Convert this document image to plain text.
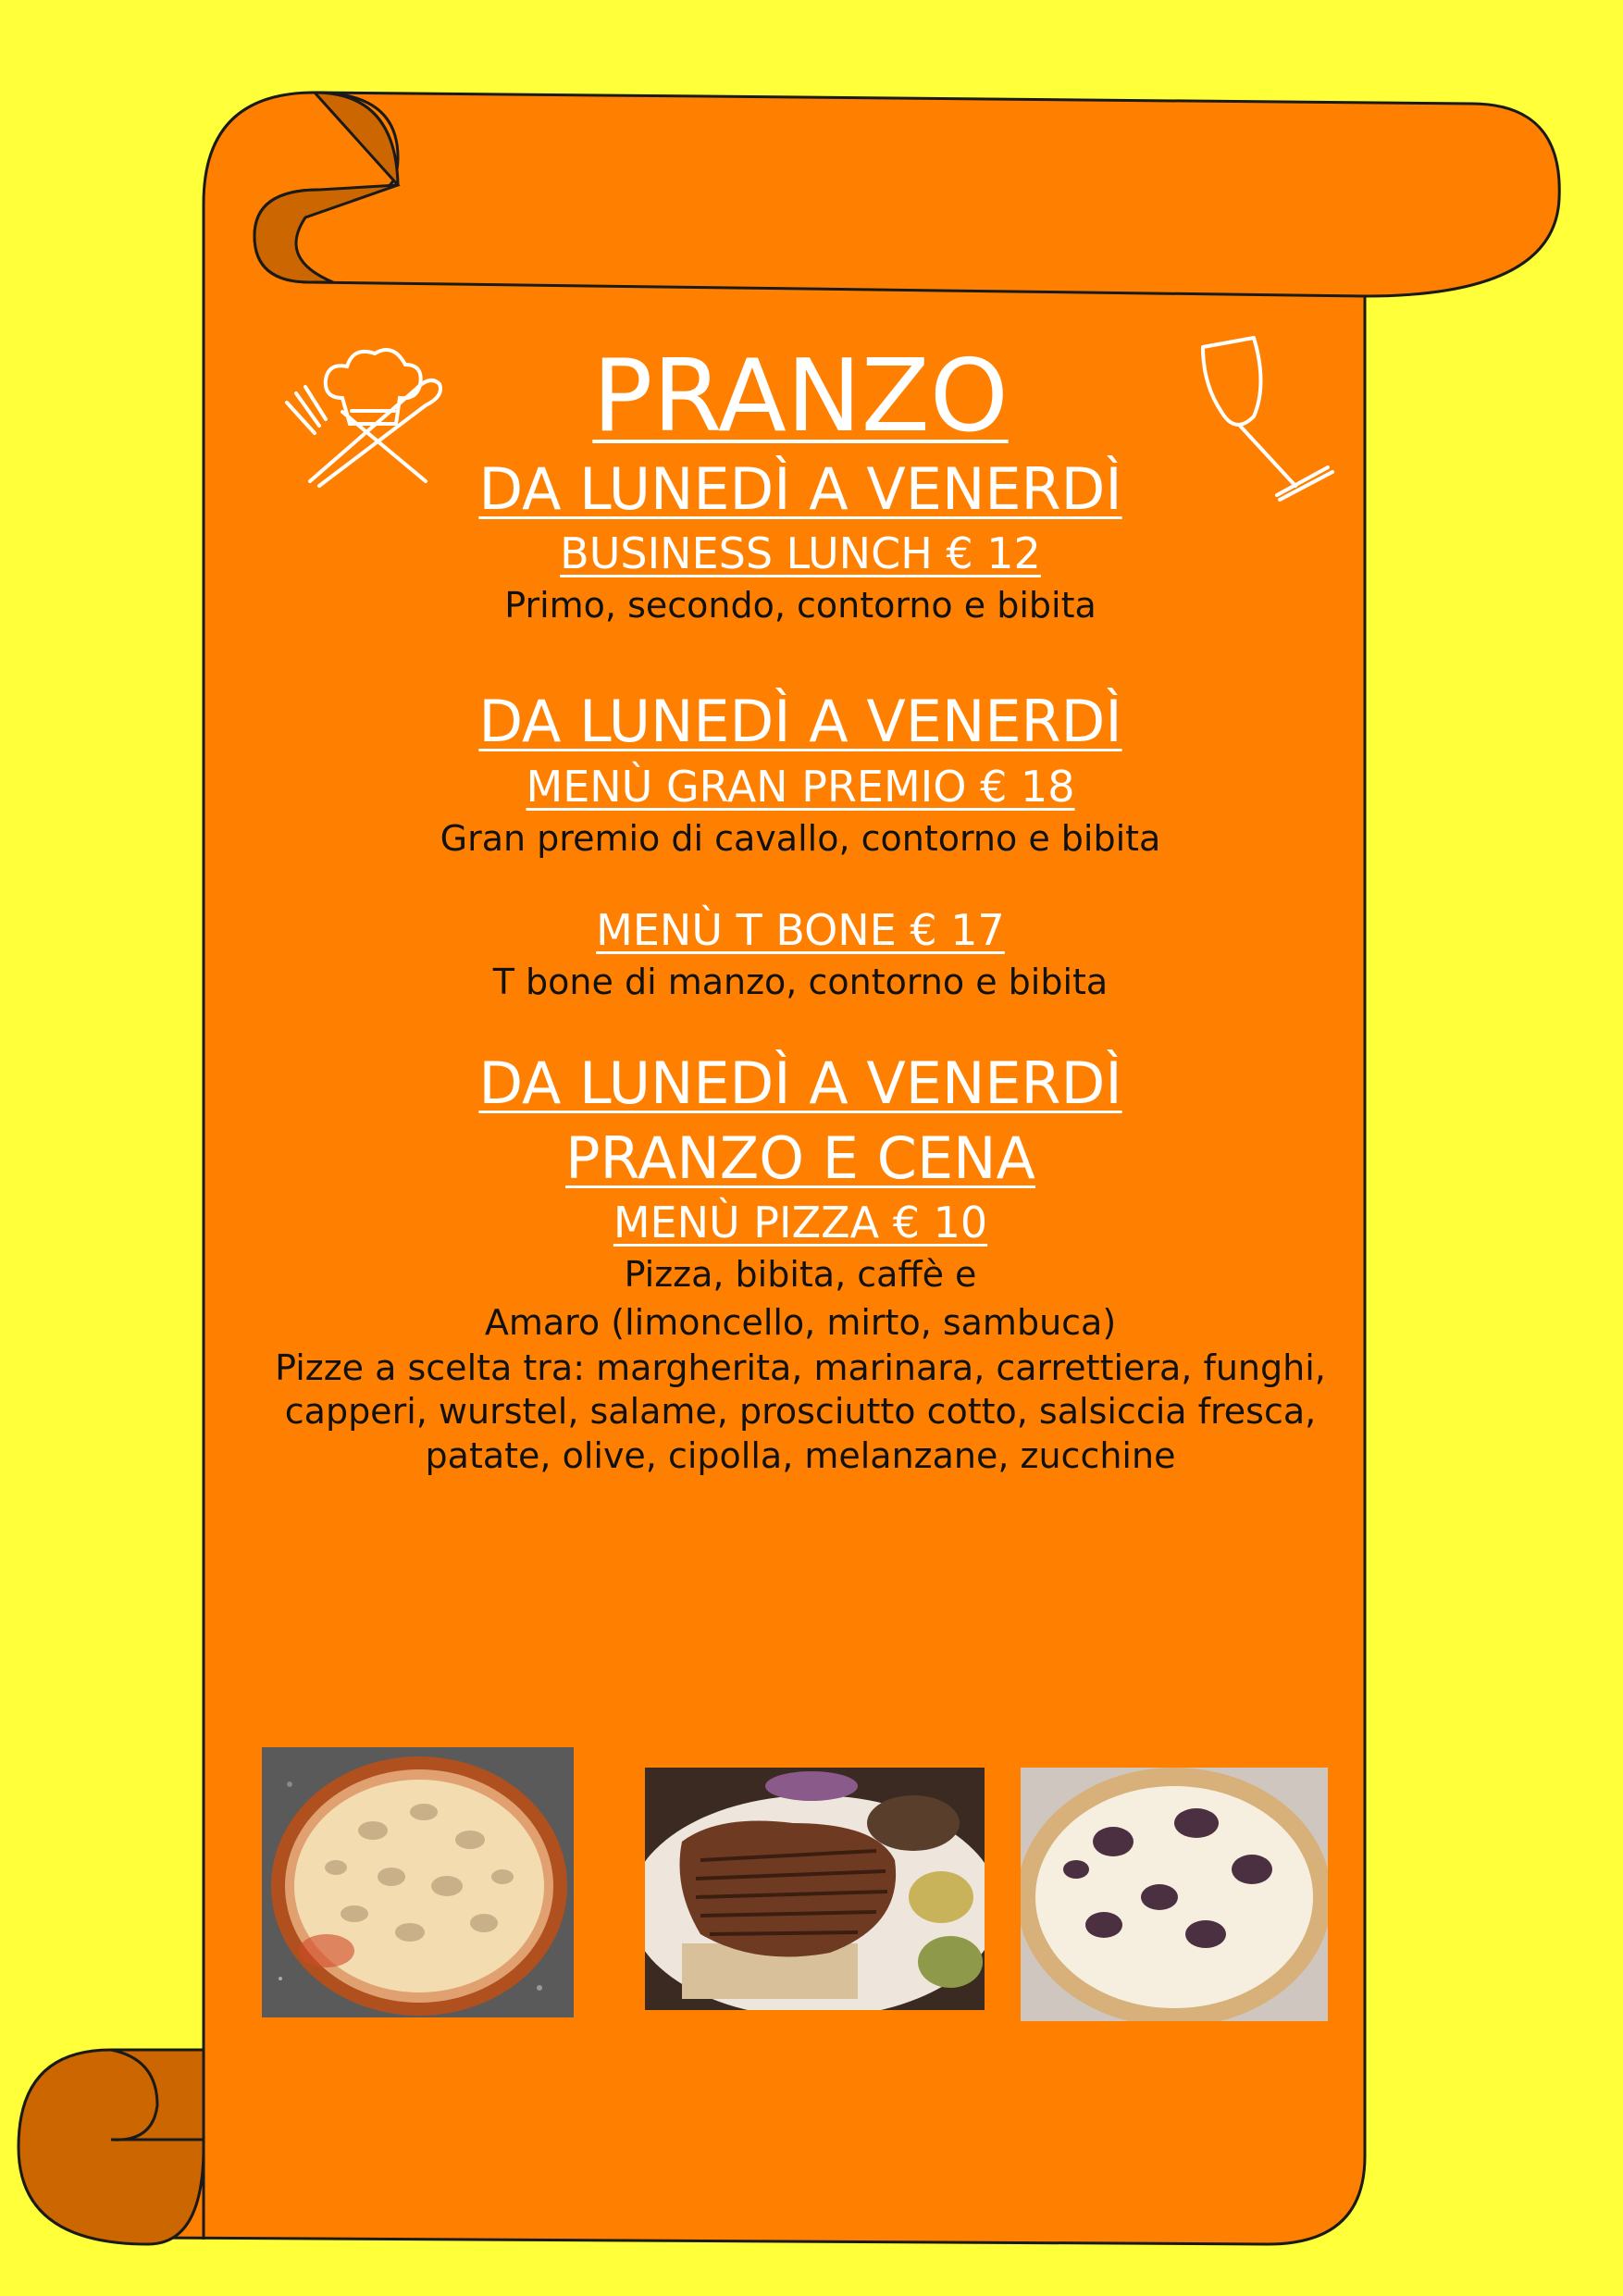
PRANZO

DA LUNEDÌ A VENERDÌ

BUSINESS LUNCH € 12

Primo, secondo, contorno e bibita

DA LUNEDÌ A VENERDÌ

MENÙ GRAN PREMIO € 18

Gran premio di cavallo, contorno e bibita

MENÙ T BONE € 17

T bone di manzo, contorno e bibita

DA LUNEDÌ A VENERDÌ

PRANZO E CENA

MENÙ PIZZA € 10

Pizza, bibita, caffè e

Amaro (limoncello, mirto, sambuca)

Pizze a scelta tra: margherita, marinara, carrettiera, funghi, capperi, wurstel, salame, prosciutto cotto, salsiccia fresca, patate, olive, cipolla, melanzane, zucchine
